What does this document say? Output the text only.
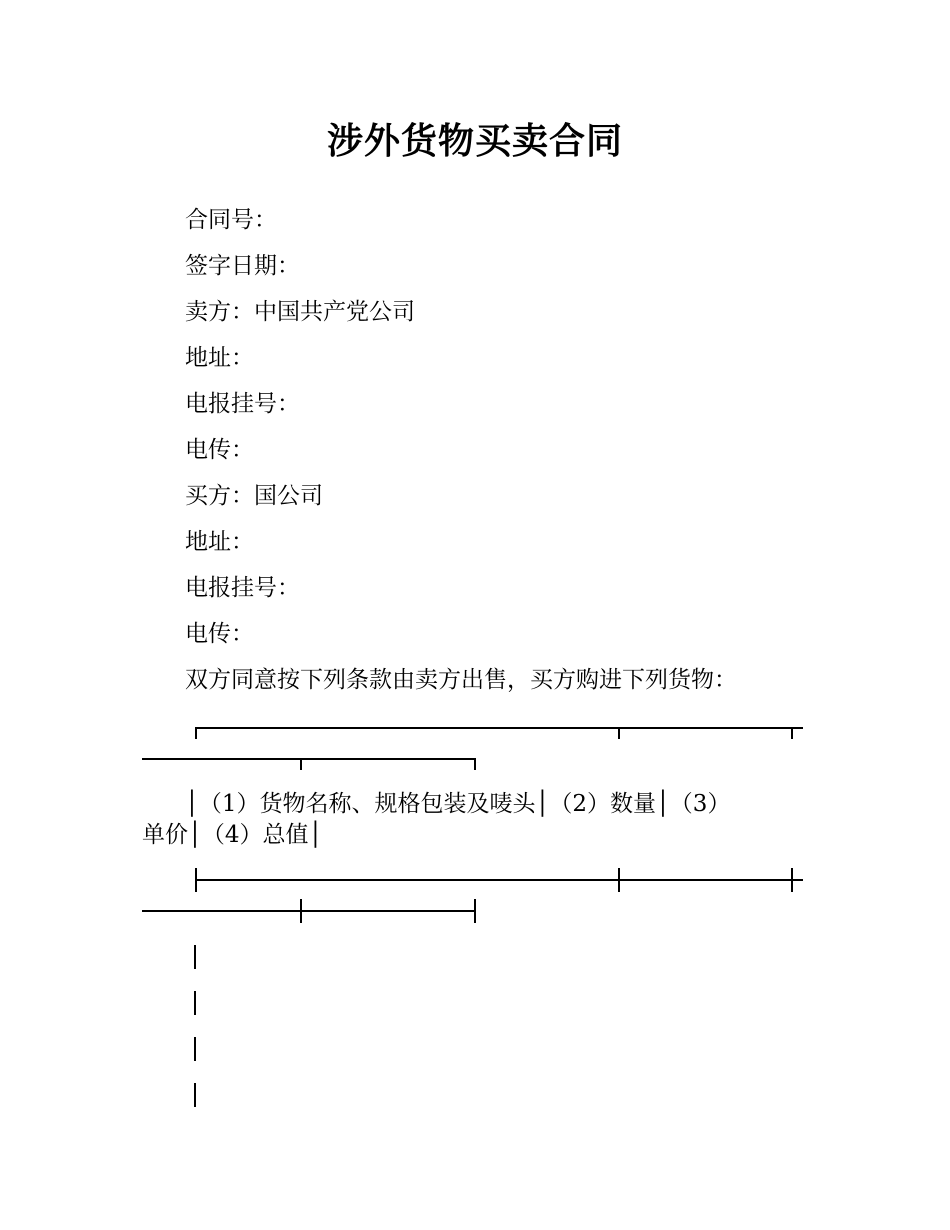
涉外货物买卖合同
合同号：
签字日期：
卖方：中国共产党公司
地址：
电报挂号：
电传：
买方：国公司
地址：
电报挂号：
电传：
双方同意按下列条款由卖方出售，买方购进下列货物：
│（1）货物名称、规格包装及唛头│（2）数量│（3）
单价│（4）总值│
